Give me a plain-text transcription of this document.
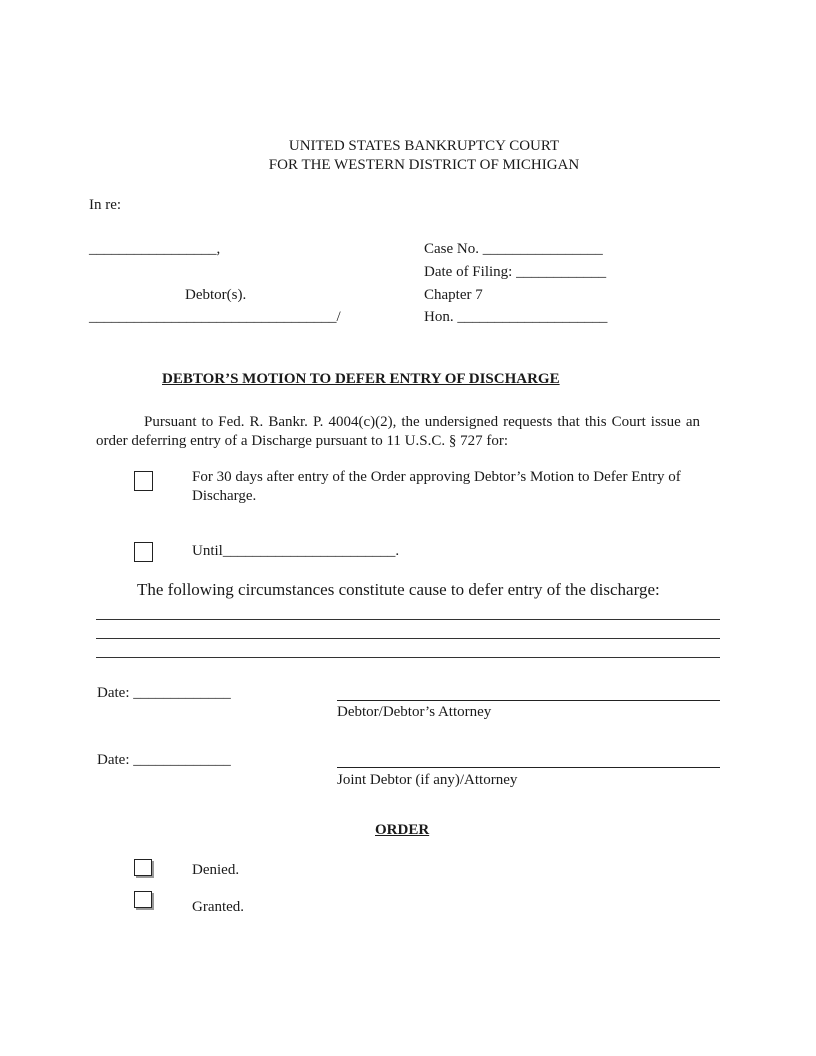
UNITED STATES BANKRUPTCY COURT
FOR THE WESTERN DISTRICT OF MICHIGAN
In re:
_________________,
Debtor(s).
_________________________________/
Case No. ________________
Date of Filing: ____________
Chapter 7
Hon. ____________________
DEBTOR’S MOTION TO DEFER ENTRY OF DISCHARGE
Pursuant to Fed. R. Bankr. P. 4004(c)(2), the undersigned requests that this Court issue an order deferring entry of a Discharge pursuant to 11 U.S.C. § 727 for:
For 30 days after entry of the Order approving Debtor’s Motion to Defer Entry of
Discharge.
Until_______________________.
The following circumstances constitute cause to defer entry of the discharge:
Date: _____________
Debtor/Debtor’s Attorney
Date: _____________
Joint Debtor (if any)/Attorney
ORDER
Denied.
Granted.
